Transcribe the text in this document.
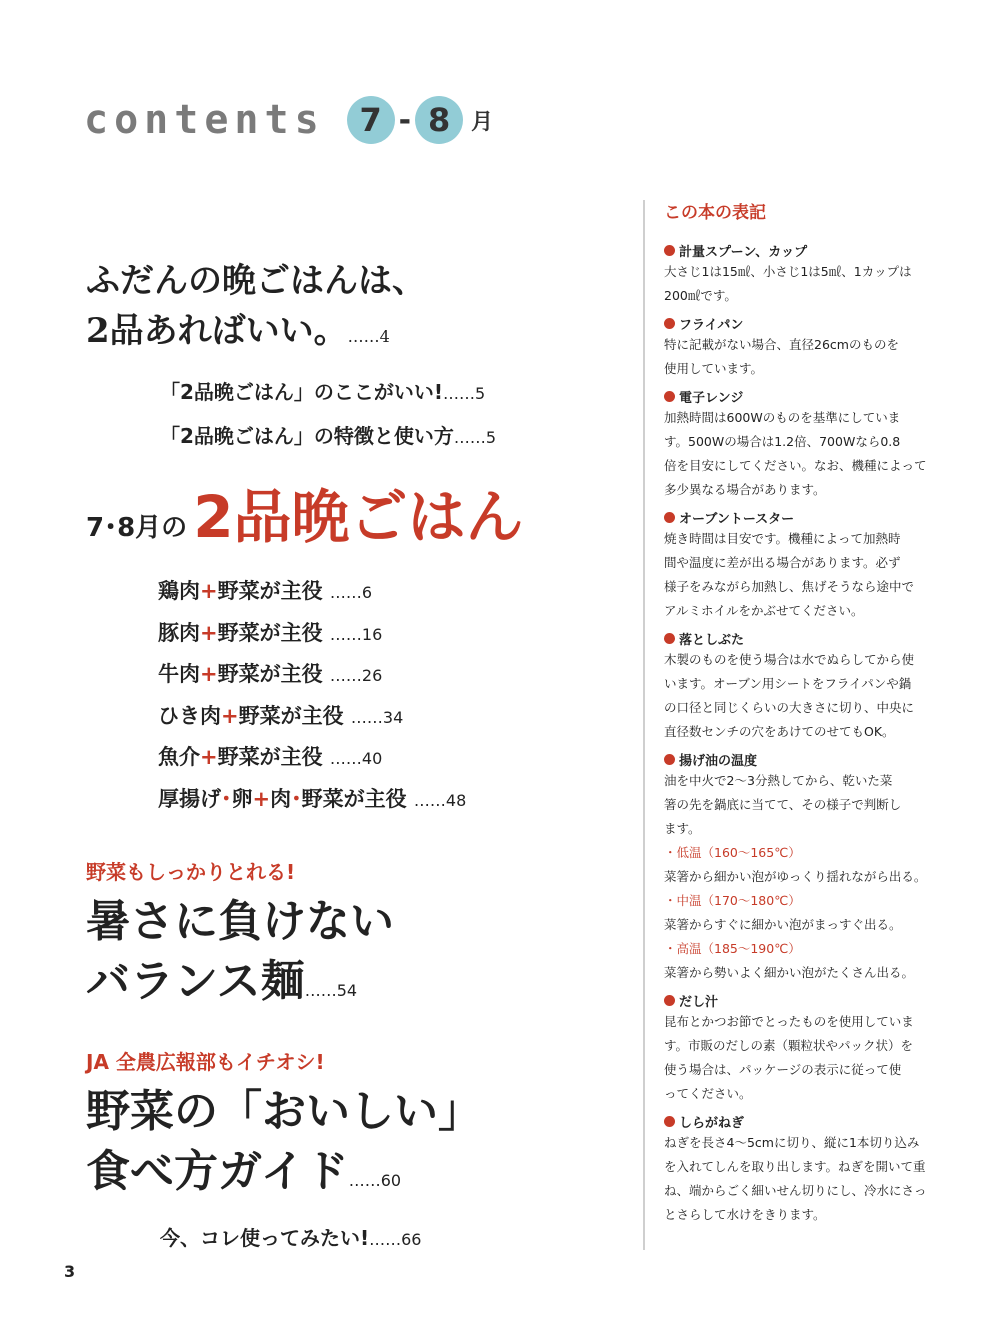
contents	7 - 8 月
ふだんの晩ごはんは、
2品あればいい。……4
「2品晩ごはん」のここがいい!……5
「2品晩ごはん」の特徴と使い方……5
7･8月の 2品晩ごはん
鶏肉+野菜が主役 ……6
豚肉+野菜が主役 ……16
牛肉+野菜が主役 ……26
ひき肉+野菜が主役 ……34
魚介+野菜が主役 ……40
厚揚げ･卵+肉･野菜が主役 ……48
野菜もしっかりとれる!
暑さに負けない
バランス麺……54
JA 全農広報部もイチオシ!
野菜の「おいしい」
食べ方ガイド……60
今、コレ使ってみたい!……66
3
この本の表記
計量スプーン、カップ
大さじ1は15㎖、小さじ1は5㎖、1カップは
200㎖です。
フライパン
特に記載がない場合、直径26cmのものを
使用しています。
電子レンジ
加熱時間は600Wのものを基準にしていま
す。500Wの場合は1.2倍、700Wなら0.8
倍を目安にしてください。なお、機種によって
多少異なる場合があります。
オーブントースター
焼き時間は目安です。機種によって加熱時
間や温度に差が出る場合があります。必ず
様子をみながら加熱し、焦げそうなら途中で
アルミホイルをかぶせてください。
落としぶた
木製のものを使う場合は水でぬらしてから使
います。オーブン用シートをフライパンや鍋
の口径と同じくらいの大きさに切り、中央に
直径数センチの穴をあけてのせてもOK。
揚げ油の温度
油を中火で2～3分熱してから、乾いた菜
箸の先を鍋底に当てて、その様子で判断し
ます。
・低温（160～165℃）
菜箸から細かい泡がゆっくり揺れながら出る。
・中温（170～180℃）
菜箸からすぐに細かい泡がまっすぐ出る。
・高温（185～190℃）
菜箸から勢いよく細かい泡がたくさん出る。
だし汁
昆布とかつお節でとったものを使用していま
す。市販のだしの素（顆粒状やパック状）を
使う場合は、パッケージの表示に従って使
ってください。
しらがねぎ
ねぎを長さ4～5cmに切り、縦に1本切り込み
を入れてしんを取り出します。ねぎを開いて重
ね、端からごく細いせん切りにし、冷水にさっ
とさらして水けをきります。
